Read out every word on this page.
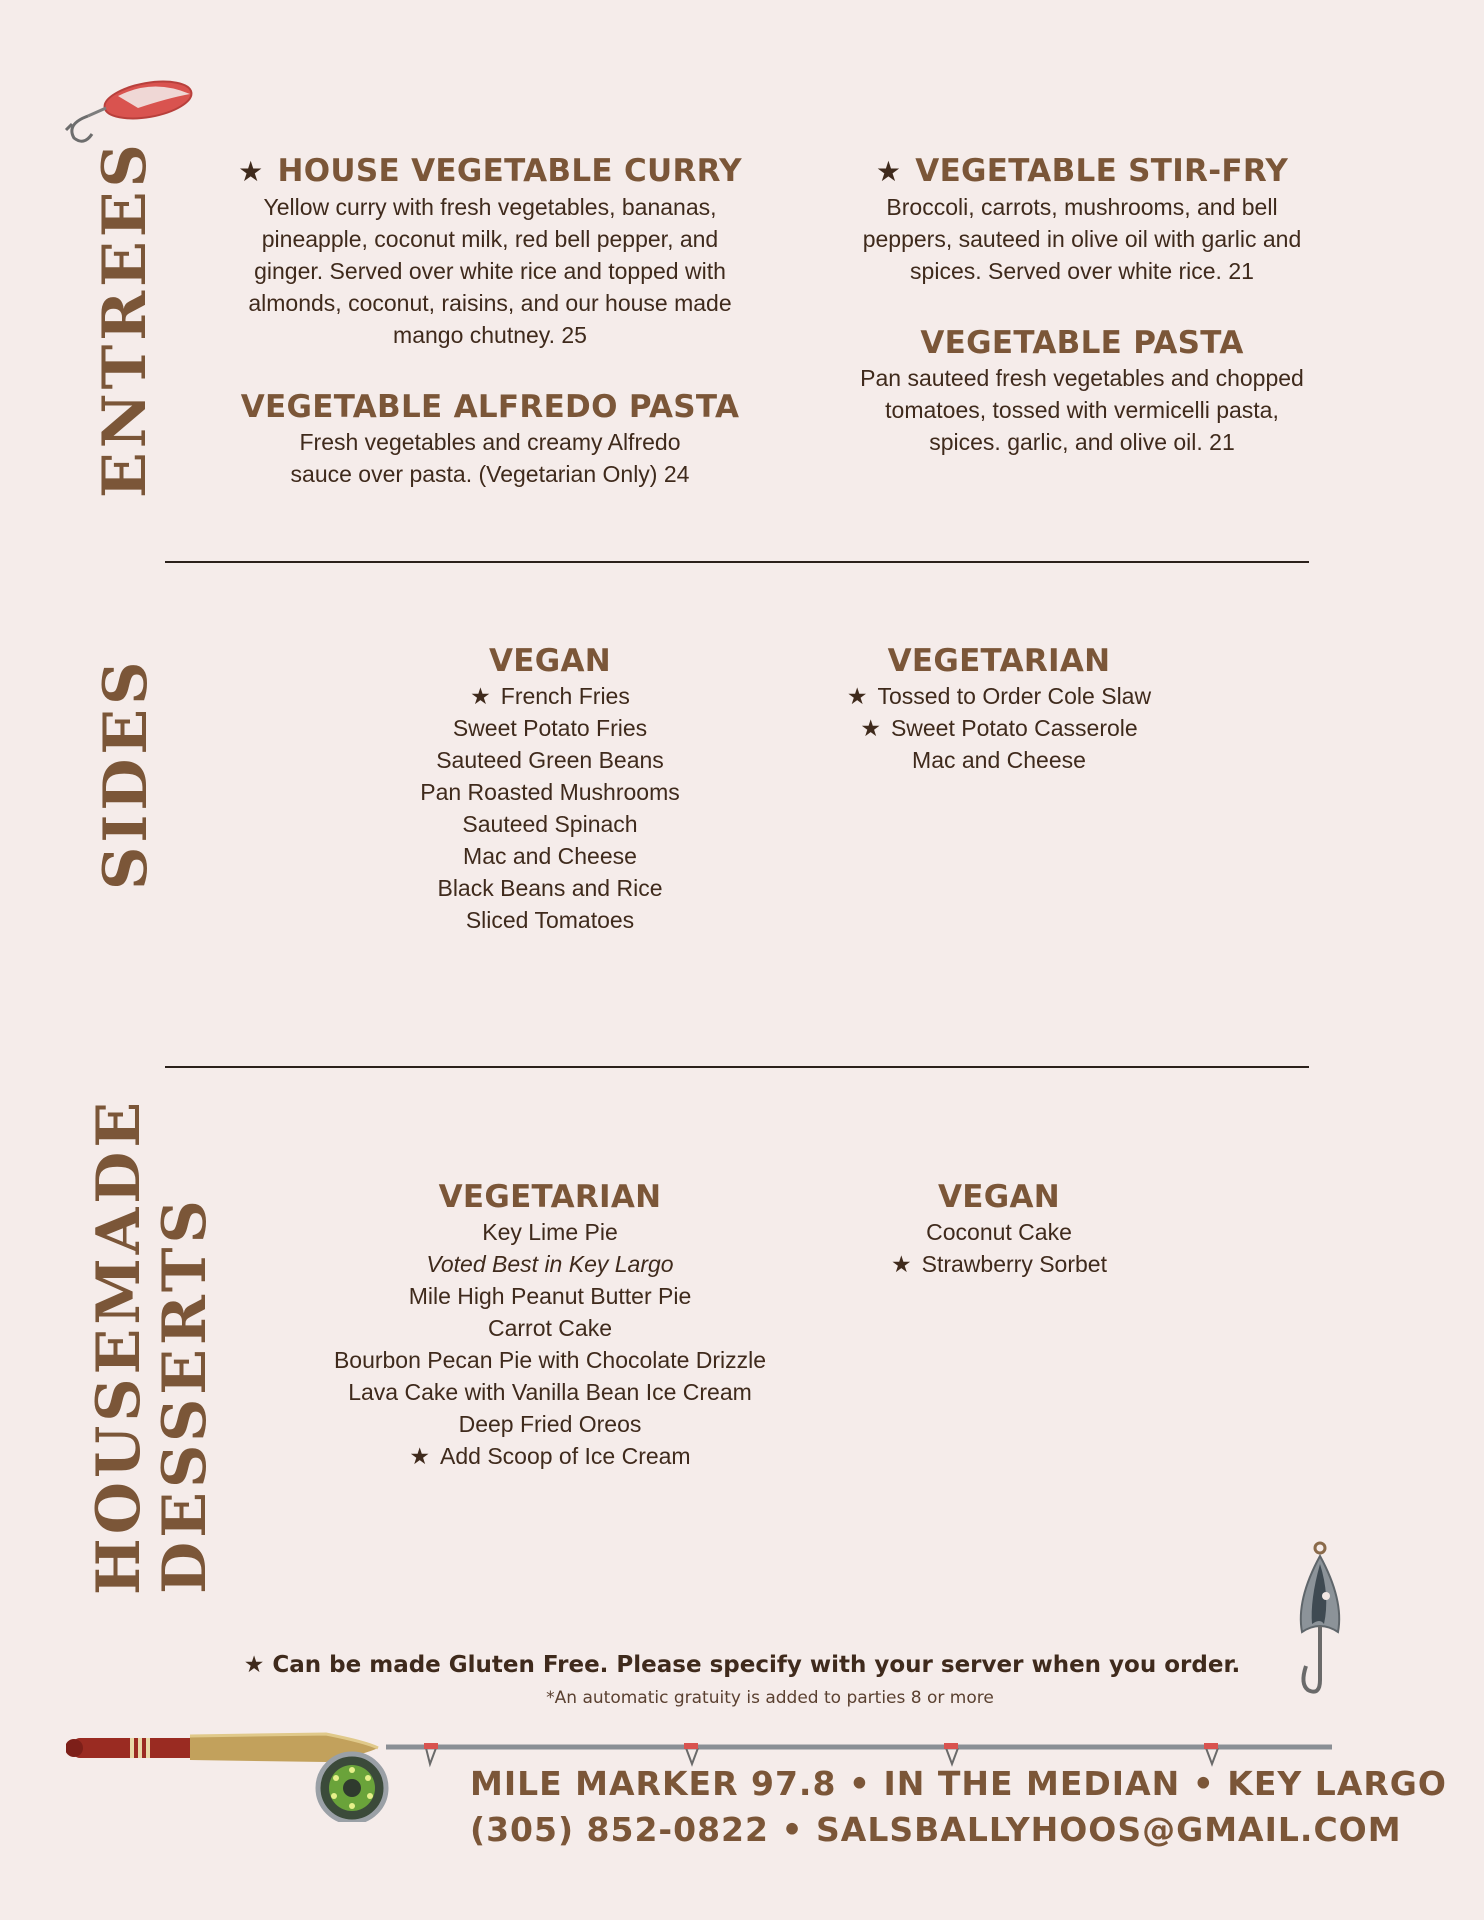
ENTREES
SIDES
HOUSEMADE
DESSERTS
★ HOUSE VEGETABLE CURRY
Yellow curry with fresh vegetables, bananas, pineapple, coconut milk, red bell pepper, and ginger. Served over white rice and topped with almonds, coconut, raisins, and our house made mango chutney. 25
★ VEGETABLE STIR-FRY
Broccoli, carrots, mushrooms, and bell peppers, sauteed in olive oil with garlic and spices. Served over white rice. 21
VEGETABLE ALFREDO PASTA
Fresh vegetables and creamy Alfredo sauce over pasta. (Vegetarian Only) 24
VEGETABLE PASTA
Pan sauteed fresh vegetables and chopped tomatoes, tossed with vermicelli pasta, spices. garlic, and olive oil. 21
VEGAN
★ French Fries
Sweet Potato Fries
Sauteed Green Beans
Pan Roasted Mushrooms
Sauteed Spinach
Mac and Cheese
Black Beans and Rice
Sliced Tomatoes
VEGETARIAN
★ Tossed to Order Cole Slaw
★ Sweet Potato Casserole
Mac and Cheese
VEGETARIAN
Key Lime Pie
Voted Best in Key Largo
Mile High Peanut Butter Pie
Carrot Cake
Bourbon Pecan Pie with Chocolate Drizzle
Lava Cake with Vanilla Bean Ice Cream
Deep Fried Oreos
★ Add Scoop of Ice Cream
VEGAN
Coconut Cake
★ Strawberry Sorbet
★ Can be made Gluten Free. Please specify with your server when you order.
*An automatic gratuity is added to parties 8 or more
MILE MARKER 97.8 • IN THE MEDIAN • KEY LARGO
(305) 852-0822 • SALSBALLYHOOS@GMAIL.COM
